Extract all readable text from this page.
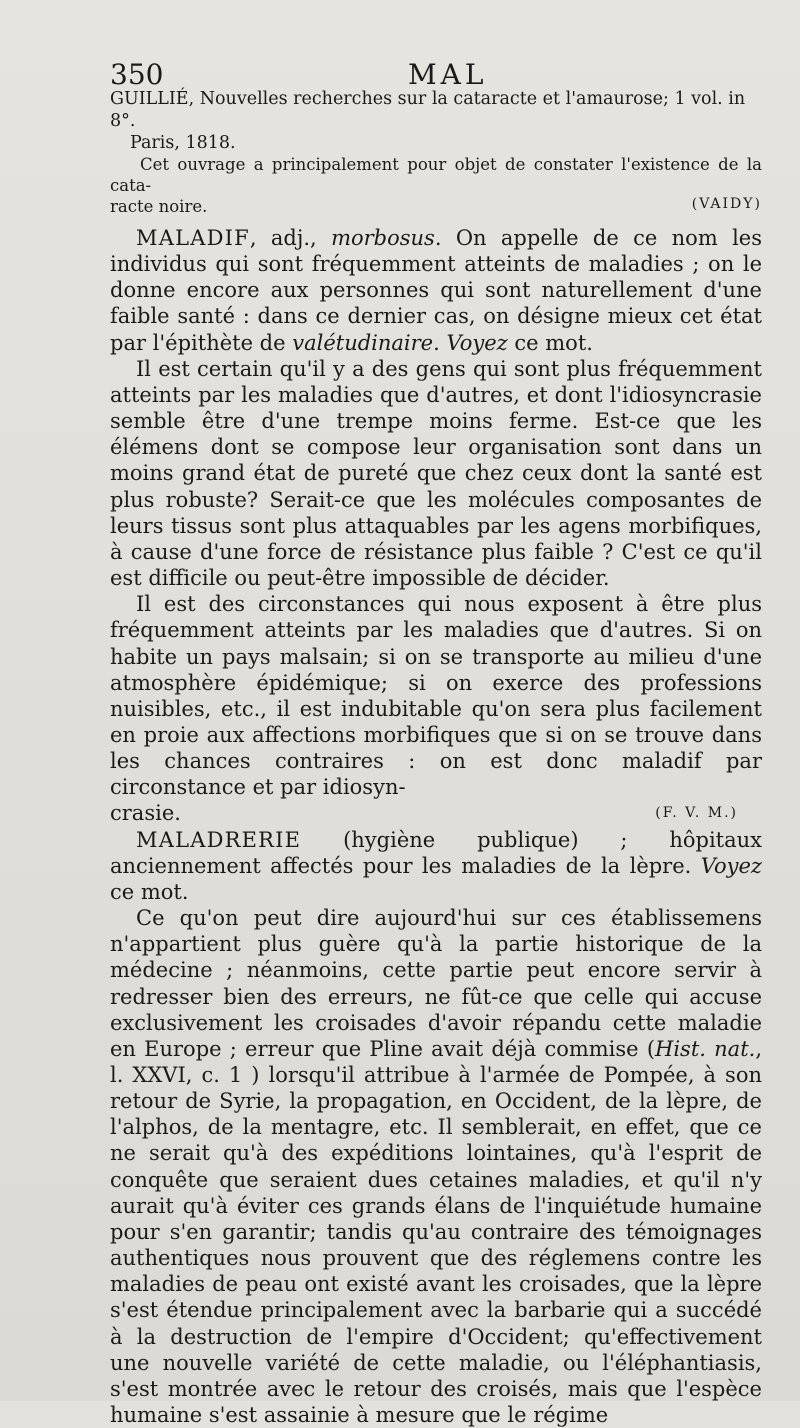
350	MAL

GUILLIÉ, Nouvelles recherches sur la cataracte et l'amaurose; 1 vol. in 8°.
Paris, 1818.

Cet ouvrage a principalement pour objet de constater l'existence de la cata-

racte noire.	(VAIDY)

MALADIF, adj., morbosus. On appelle de ce nom les individus qui sont fréquemment atteints de maladies ; on le donne encore aux personnes qui sont naturellement d'une faible santé : dans ce dernier cas, on désigne mieux cet état par l'épithète de valétudinaire. Voyez ce mot.

Il est certain qu'il y a des gens qui sont plus fréquemment atteints par les maladies que d'autres, et dont l'idiosyncrasie semble être d'une trempe moins ferme. Est-ce que les élémens dont se compose leur organisation sont dans un moins grand état de pureté que chez ceux dont la santé est plus robuste? Serait-ce que les molécules composantes de leurs tissus sont plus attaquables par les agens morbifiques, à cause d'une force de résistance plus faible ? C'est ce qu'il est difficile ou peut-être impossible de décider.

Il est des circonstances qui nous exposent à être plus fréquemment atteints par les maladies que d'autres. Si on habite un pays malsain; si on se transporte au milieu d'une atmosphère épidémique; si on exerce des professions nuisibles, etc., il est indubitable qu'on sera plus facilement en proie aux affections morbifiques que si on se trouve dans les chances contraires : on est donc maladif par circonstance et par idiosyn-

crasie.	(F. V. M.)

MALADRERIE (hygiène publique) ; hôpitaux anciennement affectés pour les maladies de la lèpre. Voyez ce mot.

Ce qu'on peut dire aujourd'hui sur ces établissemens n'appartient plus guère qu'à la partie historique de la médecine ; néanmoins, cette partie peut encore servir à redresser bien des erreurs, ne fût-ce que celle qui accuse exclusivement les croisades d'avoir répandu cette maladie en Europe ; erreur que Pline avait déjà commise (Hist. nat., l. XXVI, c. 1 ) lorsqu'il attribue à l'armée de Pompée, à son retour de Syrie, la propagation, en Occident, de la lèpre, de l'alphos, de la mentagre, etc. Il semblerait, en effet, que ce ne serait qu'à des expéditions lointaines, qu'à l'esprit de conquête que seraient dues cetaines maladies, et qu'il n'y aurait qu'à éviter ces grands élans de l'inquiétude humaine pour s'en garantir; tandis qu'au contraire des témoignages authentiques nous prouvent que des réglemens contre les maladies de peau ont existé avant les croisades, que la lèpre s'est étendue principalement avec la barbarie qui a succédé à la destruction de l'empire d'Occident; qu'effectivement une nouvelle variété de cette maladie, ou l'éléphantiasis, s'est montrée avec le retour des croisés, mais que l'espèce humaine s'est assainie à mesure que le régime
